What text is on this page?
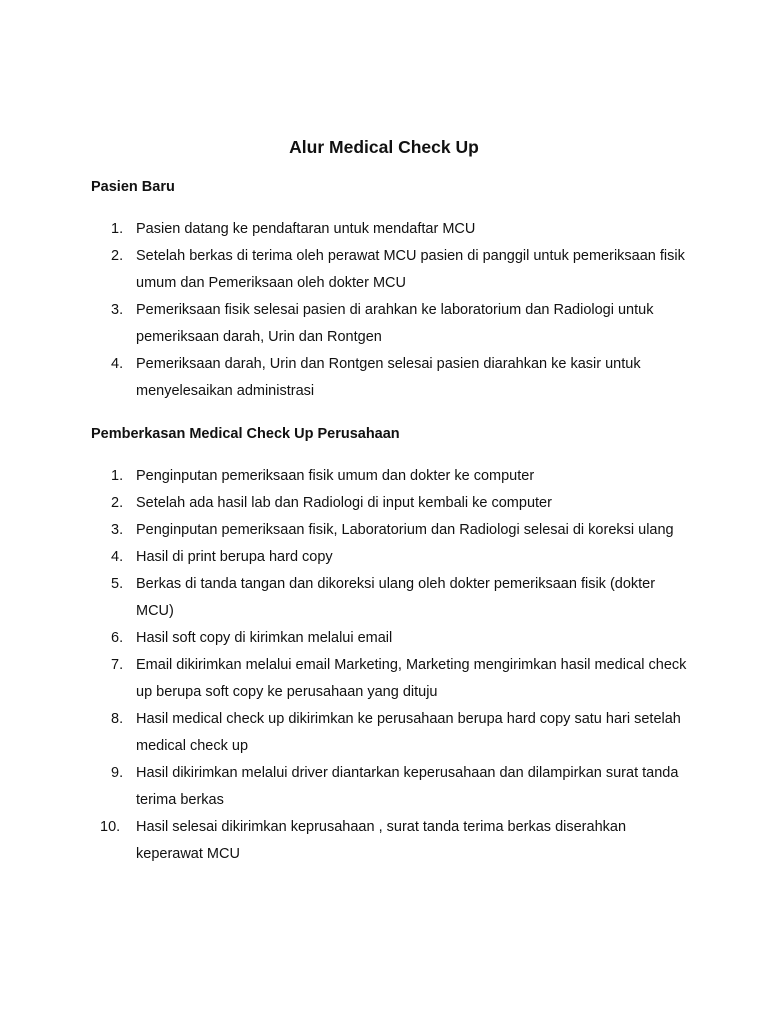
Alur Medical Check Up
Pasien Baru
1. Pasien datang ke pendaftaran untuk mendaftar MCU
2. Setelah berkas di terima oleh perawat MCU pasien di panggil untuk pemeriksaan fisik umum dan Pemeriksaan oleh dokter MCU
3. Pemeriksaan fisik selesai pasien di arahkan ke laboratorium dan Radiologi untuk pemeriksaan darah, Urin dan Rontgen
4. Pemeriksaan darah, Urin dan Rontgen selesai pasien diarahkan ke kasir untuk menyelesaikan administrasi
Pemberkasan Medical Check Up Perusahaan
1. Penginputan pemeriksaan fisik umum dan dokter ke computer
2. Setelah ada hasil lab dan Radiologi di input kembali ke computer
3. Penginputan pemeriksaan fisik, Laboratorium dan Radiologi selesai di koreksi ulang
4. Hasil di print berupa hard copy
5. Berkas di tanda tangan dan dikoreksi ulang oleh dokter pemeriksaan fisik (dokter MCU)
6. Hasil soft copy di kirimkan melalui email
7. Email dikirimkan melalui email Marketing, Marketing mengirimkan hasil medical check up berupa soft copy ke perusahaan yang dituju
8. Hasil medical check up dikirimkan ke perusahaan berupa hard copy satu hari setelah medical check up
9. Hasil dikirimkan melalui driver diantarkan keperusahaan dan dilampirkan surat tanda terima berkas
10.	Hasil selesai dikirimkan keprusahaan , surat tanda terima berkas diserahkan keperawat MCU
